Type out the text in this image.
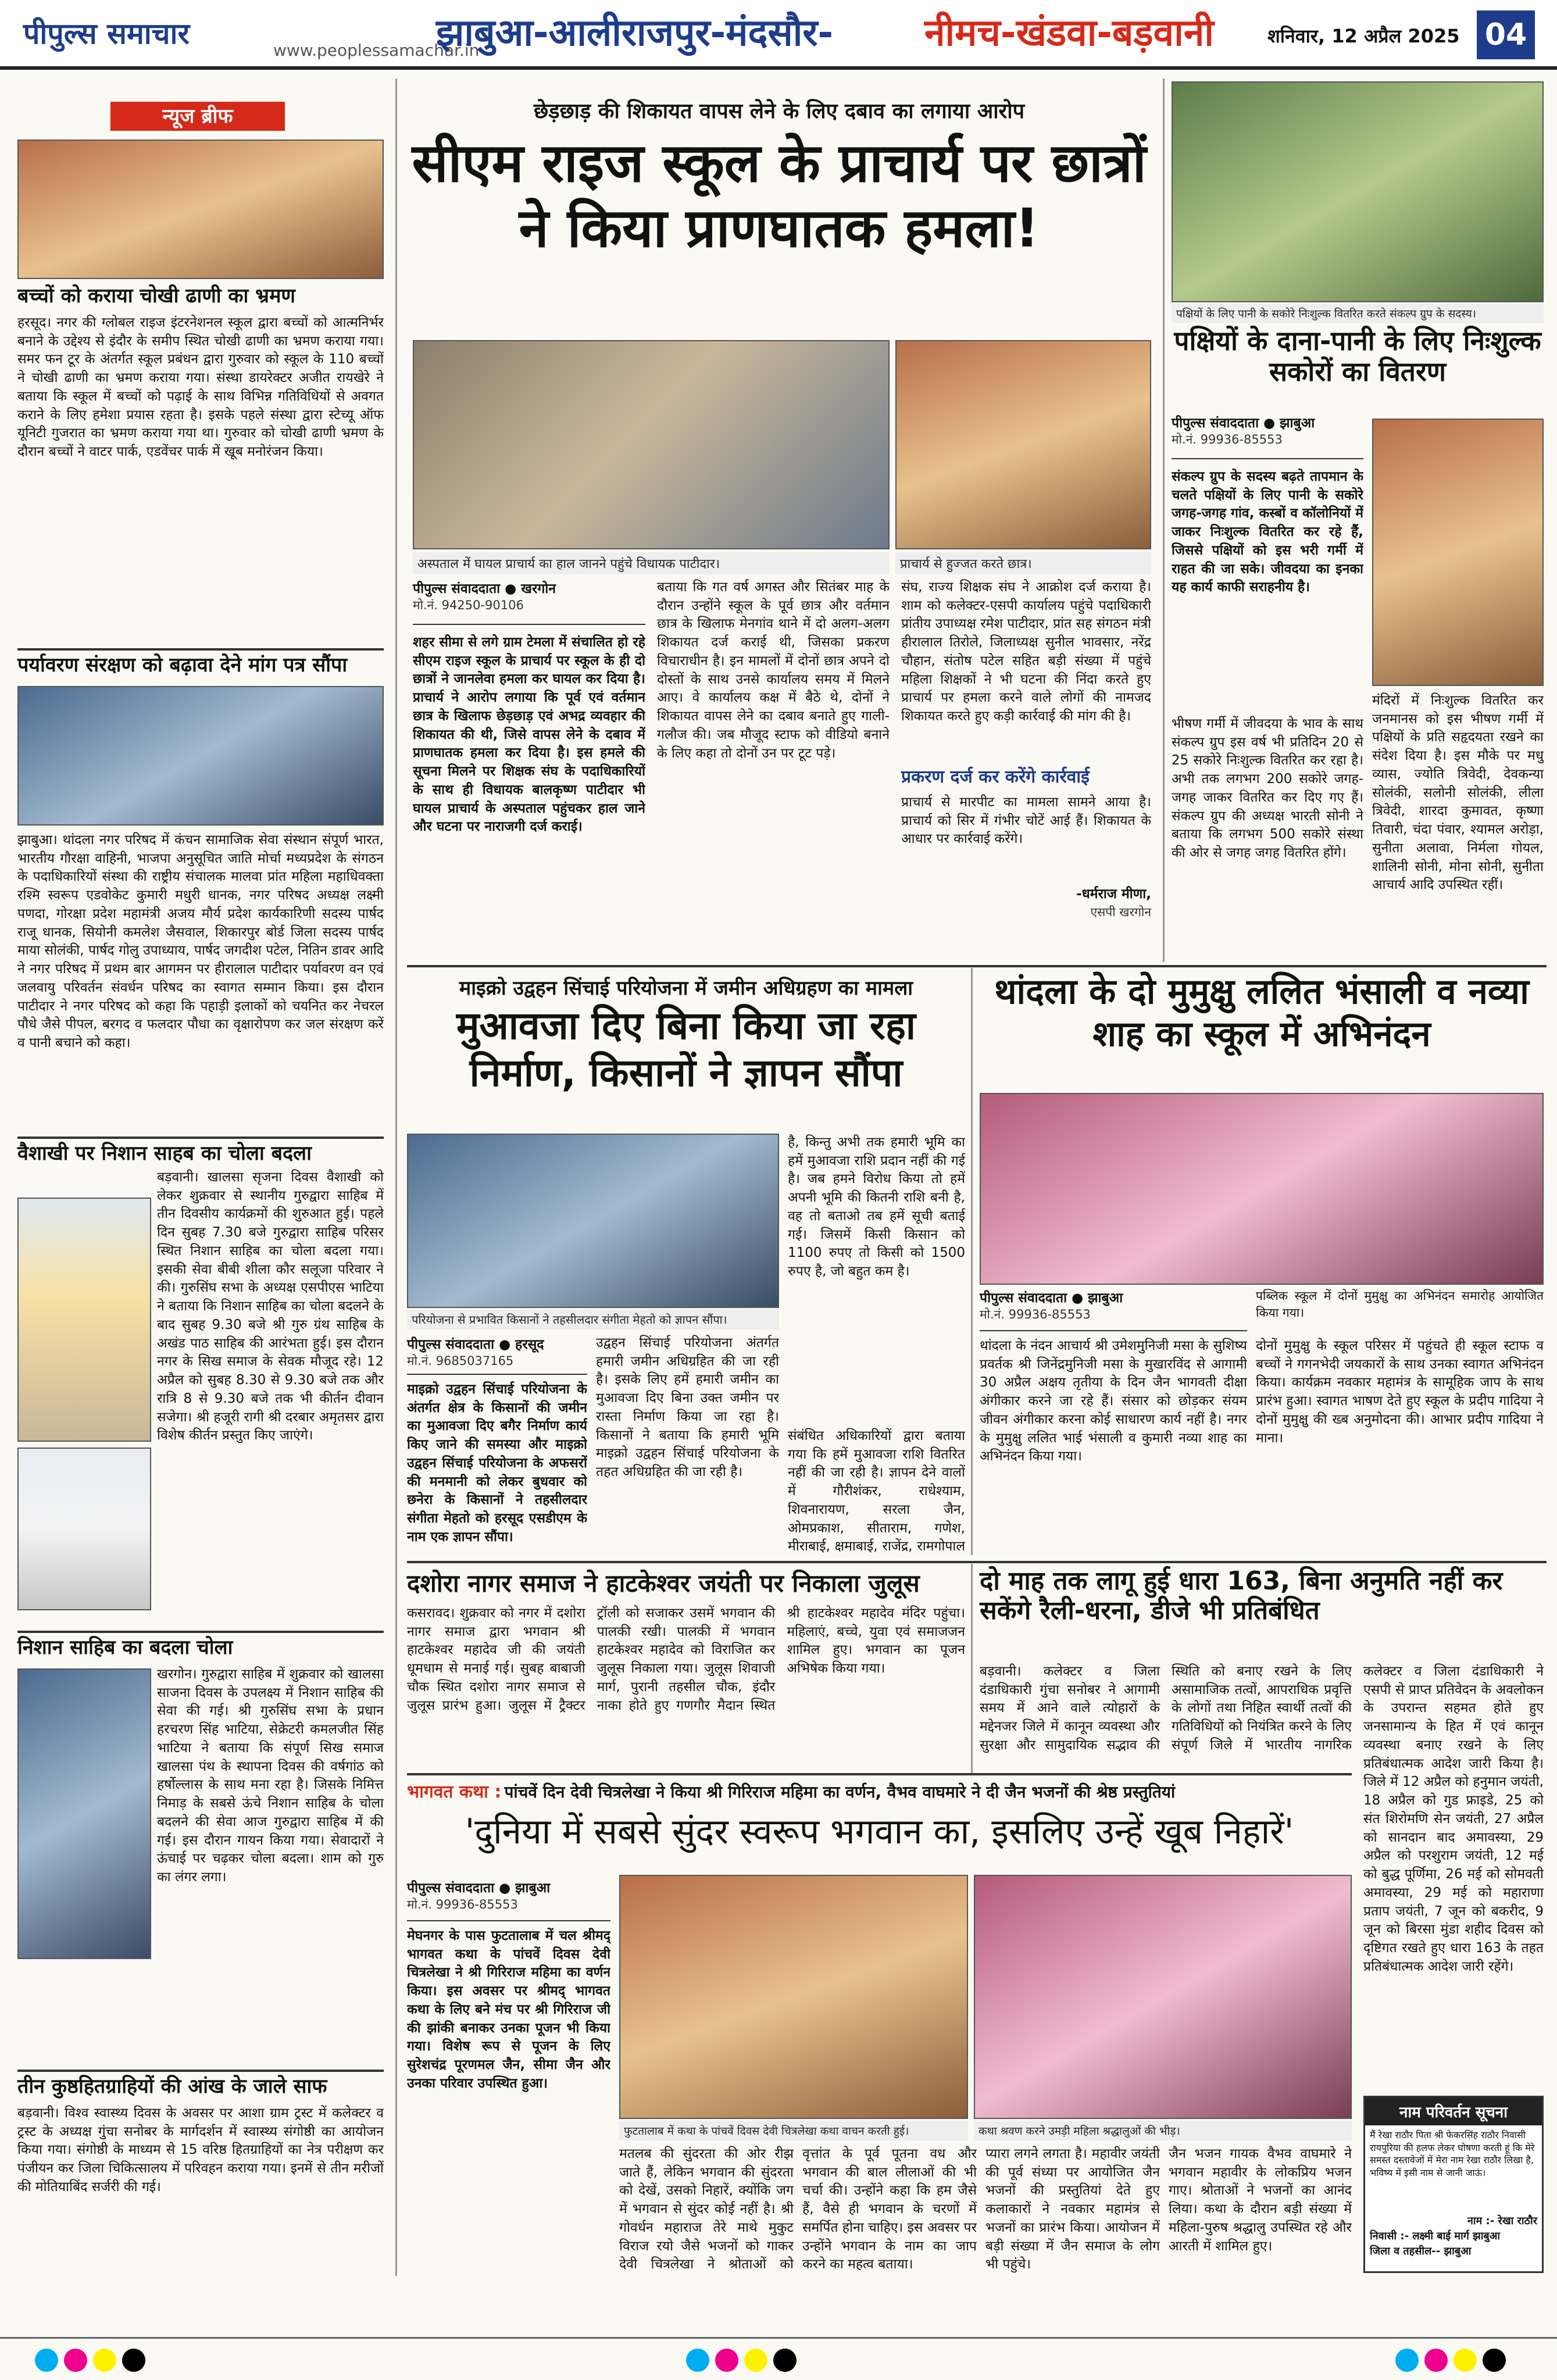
पीपुल्स समाचार	www.peoplessamachar.in
झाबुआ-आलीराजपुर-मंदसौर- नीमच-खंडवा-बड़वानी	शनिवार, 12 अप्रैल 2025 04
न्यूज ब्रीफ
बच्चों को कराया चोखी ढाणी का भ्रमण
हरसूद। नगर की ग्लोबल राइज इंटरनेशनल स्कूल द्वारा बच्चों को आत्मनिर्भर बनाने के उद्देश्य से इंदौर के समीप स्थित चोखी ढाणी का भ्रमण कराया गया। समर फन टूर के अंतर्गत स्कूल प्रबंधन द्वारा गुरुवार को स्कूल के 110 बच्चों ने चोखी ढाणी का भ्रमण कराया गया। संस्था डायरेक्टर अजीत रायखेरे ने बताया कि स्कूल में बच्चों को पढ़ाई के साथ विभिन्न गतिविधियों से अवगत कराने के लिए हमेशा प्रयास रहता है। इसके पहले संस्था द्वारा स्टेच्यू ऑफ यूनिटी गुजरात का भ्रमण कराया गया था। गुरुवार को चोखी ढाणी भ्रमण के दौरान बच्चों ने वाटर पार्क, एडवेंचर पार्क में खूब मनोरंजन किया।
पर्यावरण संरक्षण को बढ़ावा देने मांग पत्र सौंपा
झाबुआ। थांदला नगर परिषद में कंचन सामाजिक सेवा संस्थान संपूर्ण भारत, भारतीय गौरक्षा वाहिनी, भाजपा अनुसूचित जाति मोर्चा मध्यप्रदेश के संगठन के पदाधिकारियों संस्था की राष्ट्रीय संचालक मालवा प्रांत महिला महाधिवक्ता रश्मि स्वरूप एडवोकेट कुमारी मधुरी धानक, नगर परिषद अध्यक्ष लक्ष्मी पणदा, गोरक्षा प्रदेश महामंत्री अजय मौर्य प्रदेश कार्यकारिणी सदस्य पार्षद राजू धानक, सियोनी कमलेश जैसवाल, शिकारपुर बोर्ड जिला सदस्य पार्षद माया सोलंकी, पार्षद गोलु उपाध्याय, पार्षद जगदीश पटेल, नितिन डावर आदि ने नगर परिषद में प्रथम बार आगमन पर हीरालाल पाटीदार पर्यावरण वन एवं जलवायु परिवर्तन संवर्धन परिषद का स्वागत सम्मान किया। इस दौरान पाटीदार ने नगर परिषद को कहा कि पहाड़ी इलाकों को चयनित कर नेचरल पौधे जैसे पीपल, बरगद व फलदार पौधा का वृक्षारोपण कर जल संरक्षण करें व पानी बचाने को कहा।
वैशाखी पर निशान साहब का चोला बदला
बड़वानी। खालसा सृजना दिवस वैशाखी को लेकर शुक्रवार से स्थानीय गुरुद्वारा साहिब में तीन दिवसीय कार्यक्रमों की शुरुआत हुई। पहले दिन सुबह 7.30 बजे गुरुद्वारा साहिब परिसर स्थित निशान साहिब का चोला बदला गया। इसकी सेवा बीबी शीला कौर सलूजा परिवार ने की। गुरुसिंघ सभा के अध्यक्ष एसपीएस भाटिया ने बताया कि निशान साहिब का चोला बदलने के बाद सुबह 9.30 बजे श्री गुरु ग्रंथ साहिब के अखंड पाठ साहिब की आरंभता हुई। इस दौरान नगर के सिख समाज के सेवक मौजूद रहे। 12 अप्रैल को सुबह 8.30 से 9.30 बजे तक और रात्रि 8 से 9.30 बजे तक भी कीर्तन दीवान सजेगा। श्री हजूरी रागी श्री दरबार अमृतसर द्वारा विशेष कीर्तन प्रस्तुत किए जाएंगे।
निशान साहिब का बदला चोला
खरगोन। गुरुद्वारा साहिब में शुक्रवार को खालसा साजना दिवस के उपलक्ष्य में निशान साहिब की सेवा की गई। श्री गुरुसिंघ सभा के प्रधान हरचरण सिंह भाटिया, सेक्रेटरी कमलजीत सिंह भाटिया ने बताया कि संपूर्ण सिख समाज खालसा पंथ के स्थापना दिवस की वर्षगांठ को हर्षोल्लास के साथ मना रहा है। जिसके निमित्त निमाड़ के सबसे ऊंचे निशान साहिब के चोला बदलने की सेवा आज गुरुद्वारा साहिब में की गई। इस दौरान गायन किया गया। सेवादारों ने ऊंचाई पर चढ़कर चोला बदला। शाम को गुरु का लंगर लगा।
तीन कुष्ठहितग्राहियों की आंख के जाले साफ
बड़वानी। विश्व स्वास्थ्य दिवस के अवसर पर आशा ग्राम ट्रस्ट में कलेक्टर व ट्रस्ट के अध्यक्ष गुंचा सनोबर के मार्गदर्शन में स्वास्थ्य संगोष्ठी का आयोजन किया गया। संगोष्ठी के माध्यम से 15 वरिष्ठ हितग्राहियों का नेत्र परीक्षण कर पंजीयन कर जिला चिकित्सालय में परिवहन कराया गया। इनमें से तीन मरीजों की मोतियाबिंद सर्जरी की गई।
छेड़छाड़ की शिकायत वापस लेने के लिए दबाव का लगाया आरोप
सीएम राइज स्कूल के प्राचार्य पर छात्रों ने किया प्राणघातक हमला!
अस्पताल में घायल प्राचार्य का हाल जानने पहुंचे विधायक पाटीदार।	प्राचार्य से हुज्जत करते छात्र।
पीपुल्स संवाददाता ● खरगोन
मो.नं. 94250-90106
शहर सीमा से लगे ग्राम टेमला में संचालित हो रहे सीएम राइज स्कूल के प्राचार्य पर स्कूल के ही दो छात्रों ने जानलेवा हमला कर घायल कर दिया है। प्राचार्य ने आरोप लगाया कि पूर्व एवं वर्तमान छात्र के खिलाफ छेड़छाड़ एवं अभद्र व्यवहार की शिकायत की थी, जिसे वापस लेने के दबाव में प्राणघातक हमला कर दिया है। इस हमले की सूचना मिलने पर शिक्षक संघ के पदाधिकारियों के साथ ही विधायक बालकृष्ण पाटीदार भी घायल प्राचार्य के अस्पताल पहुंचकर हाल जाने और घटना पर नाराजगी दर्ज कराई।
बताया कि गत वर्ष अगस्त और सितंबर माह के दौरान उन्होंने स्कूल के पूर्व छात्र और वर्तमान छात्र के खिलाफ मेनगांव थाने में दो अलग-अलग शिकायत दर्ज कराई थी, जिसका प्रकरण विचाराधीन है। इन मामलों में दोनों छात्र अपने दो दोस्तों के साथ उनसे कार्यालय समय में मिलने आए। वे कार्यालय कक्ष में बैठे थे, दोनों ने शिकायत वापस लेने का दबाव बनाते हुए गाली-गलौज की। जब मौजूद स्टाफ को वीडियो बनाने के लिए कहा तो दोनों उन पर टूट पड़े।
संघ, राज्य शिक्षक संघ ने आक्रोश दर्ज कराया है। शाम को कलेक्टर-एसपी कार्यालय पहुंचे पदाधिकारी प्रांतीय उपाध्यक्ष रमेश पाटीदार, प्रांत सह संगठन मंत्री हीरालाल तिरोले, जिलाध्यक्ष सुनील भावसार, नरेंद्र चौहान, संतोष पटेल सहित बड़ी संख्या में पहुंचे महिला शिक्षकों ने भी घटना की निंदा करते हुए प्राचार्य पर हमला करने वाले लोगों की नामजद शिकायत करते हुए कड़ी कार्रवाई की मांग की है।
प्रकरण दर्ज कर करेंगे कार्रवाई
प्राचार्य से मारपीट का मामला सामने आया है। प्राचार्य को सिर में गंभीर चोटें आई हैं। शिकायत के आधार पर कार्रवाई करेंगे।
-धर्मराज मीणा,
एसपी खरगोन
पक्षियों के लिए पानी के सकोरे निःशुल्क वितरित करते संकल्प ग्रुप के सदस्य।
पक्षियों के दाना-पानी के लिए निःशुल्क सकोरों का वितरण
पीपुल्स संवाददाता ● झाबुआ
मो.नं. 99936-85553
संकल्प ग्रुप के सदस्य बढ़ते तापमान के चलते पक्षियों के लिए पानी के सकोरे जगह-जगह गांव, कस्बों व कॉलोनियों में जाकर निःशुल्क वितरित कर रहे हैं, जिससे पक्षियों को इस भरी गर्मी में राहत की जा सके। जीवदया का इनका यह कार्य काफी सराहनीय है।
भीषण गर्मी में जीवदया के भाव के साथ संकल्प ग्रुप इस वर्ष भी प्रतिदिन 20 से 25 सकोरे निःशुल्क वितरित कर रहा है। अभी तक लगभग 200 सकोरे जगह-जगह जाकर वितरित कर दिए गए हैं। संकल्प ग्रुप की अध्यक्ष भारती सोनी ने बताया कि लगभग 500 सकोरे संस्था की ओर से जगह जगह वितरित होंगे।
मंदिरों में निःशुल्क वितरित कर जनमानस को इस भीषण गर्मी में पक्षियों के प्रति सहृदयता रखने का संदेश दिया है। इस मौके पर मधु व्यास, ज्योति त्रिवेदी, देवकन्या सोलंकी, सलोनी सोलंकी, लीला त्रिवेदी, शारदा कुमावत, कृष्णा तिवारी, चंदा पंवार, श्यामल अरोड़ा, सुनीता अलावा, निर्मला गोयल, शालिनी सोनी, मोना सोनी, सुनीता आचार्य आदि उपस्थित रहीं।
माइक्रो उद्वहन सिंचाई परियोजना में जमीन अधिग्रहण का मामला
मुआवजा दिए बिना किया जा रहा निर्माण, किसानों ने ज्ञापन सौंपा
परियोजना से प्रभावित किसानों ने तहसीलदार संगीता मेहतो को ज्ञापन सौंपा।
पीपुल्स संवाददाता ● हरसूद
मो.नं. 9685037165
माइक्रो उद्वहन सिंचाई परियोजना के अंतर्गत क्षेत्र के किसानों की जमीन का मुआवजा दिए बगैर निर्माण कार्य किए जाने की समस्या और माइक्रो उद्वहन सिंचाई परियोजना के अफसरों की मनमानी को लेकर बुधवार को छनेरा के किसानों ने तहसीलदार संगीता मेहतो को हरसूद एसडीएम के नाम एक ज्ञापन सौंपा।
उद्वहन सिंचाई परियोजना अंतर्गत हमारी जमीन अधिग्रहित की जा रही है। इसके लिए हमें हमारी जमीन का मुआवजा दिए बिना उक्त जमीन पर रास्ता निर्माण किया जा रहा है। किसानों ने बताया कि हमारी भूमि माइक्रो उद्वहन सिंचाई परियोजना के तहत अधिग्रहित की जा रही है।
है, किन्तु अभी तक हमारी भूमि का हमें मुआवजा राशि प्रदान नहीं की गई है। जब हमने विरोध किया तो हमें अपनी भूमि की कितनी राशि बनी है, वह तो बताओ तब हमें सूची बताई गई। जिसमें किसी किसान को 1100 रुपए तो किसी को 1500 रुपए है, जो बहुत कम है।
संबंधित अधिकारियों द्वारा बताया गया कि हमें मुआवजा राशि वितरित नहीं की जा रही है। ज्ञापन देने वालों में गौरीशंकर, राधेश्याम, शिवनारायण, सरला जैन, ओमप्रकाश, सीताराम, गणेश, मीराबाई, क्षमाबाई, राजेंद्र, रामगोपाल
थांदला के दो मुमुक्षु ललित भंसाली व नव्या शाह का स्कूल में अभिनंदन
पीपुल्स संवाददाता ● झाबुआ
मो.नं. 99936-85553
पब्लिक स्कूल में दोनों मुमुक्षु का अभिनंदन समारोह आयोजित किया गया।
थांदला के नंदन आचार्य श्री उमेशमुनिजी मसा के सुशिष्य प्रवर्तक श्री जिनेंद्रमुनिजी मसा के मुखारविंद से आगामी 30 अप्रैल अक्षय तृतीया के दिन जैन भागवती दीक्षा अंगीकार करने जा रहे हैं। संसार को छोड़कर संयम जीवन अंगीकार करना कोई साधारण कार्य नहीं है। नगर के मुमुक्षु ललित भाई भंसाली व कुमारी नव्या शाह का अभिनंदन किया गया।
दोनों मुमुक्षु के स्कूल परिसर में पहुंचते ही स्कूल स्टाफ व बच्चों ने गगनभेदी जयकारों के साथ उनका स्वागत अभिनंदन किया। कार्यक्रम नवकार महामंत्र के सामूहिक जाप के साथ प्रारंभ हुआ। स्वागत भाषण देते हुए स्कूल के प्रदीप गादिया ने दोनों मुमुक्षु की ख्ब अनुमोदना की। आभार प्रदीप गादिया ने माना।
दशोरा नागर समाज ने हाटकेश्वर जयंती पर निकाला जुलूस
कसरावद। शुक्रवार को नगर में दशोरा नागर समाज द्वारा भगवान श्री हाटकेश्वर महादेव जी की जयंती धूमधाम से मनाई गई। सुबह बाबाजी चौक स्थित दशोरा नागर समाज से जुलूस प्रारंभ हुआ। जुलूस में ट्रैक्टर ट्रॉली को सजाकर उसमें भगवान की पालकी रखी। पालकी में भगवान हाटकेश्वर महादेव को विराजित कर जुलूस निकाला गया। जुलूस शिवाजी मार्ग, पुरानी तहसील चौक, इंदौर नाका होते हुए गणगौर मैदान स्थित श्री हाटकेश्वर महादेव मंदिर पहुंचा। महिलाएं, बच्चे, युवा एवं समाजजन शामिल हुए। भगवान का पूजन अभिषेक किया गया।
दो माह तक लागू हुई धारा 163, बिना अनुमति नहीं कर सकेंगे रैली-धरना, डीजे भी प्रतिबंधित
बड़वानी। कलेक्टर व जिला दंडाधिकारी गुंचा सनोबर ने आगामी समय में आने वाले त्योहारों के मद्देनजर जिले में कानून व्यवस्था और सुरक्षा और सामुदायिक सद्भाव की स्थिति को बनाए रखने के लिए असामाजिक तत्वों, आपराधिक प्रवृत्ति के लोगों तथा निहित स्वार्थी तत्वों की गतिविधियों को नियंत्रित करने के लिए संपूर्ण जिले में भारतीय नागरिक
कलेक्टर व जिला दंडाधिकारी ने एसपी से प्राप्त प्रतिवेदन के अवलोकन के उपरान्त सहमत होते हुए जनसामान्य के हित में एवं कानून व्यवस्था बनाए रखने के लिए प्रतिबंधात्मक आदेश जारी किया है। जिले में 12 अप्रैल को हनुमान जयंती, 18 अप्रैल को गुड फ्राइडे, 25 को संत शिरोमणि सेन जयंती, 27 अप्रैल को सानदान बाद अमावस्या, 29 अप्रैल को परशुराम जयंती, 12 मई को बुद्ध पूर्णिमा, 26 मई को सोमवती अमावस्या, 29 मई को महाराणा प्रताप जयंती, 7 जून को बकरीद, 9 जून को बिरसा मुंडा शहीद दिवस को दृष्टिगत रखते हुए धारा 163 के तहत प्रतिबंधात्मक आदेश जारी रहेंगे।
भागवत कथा : पांचवें दिन देवी चित्रलेखा ने किया श्री गिरिराज महिमा का वर्णन, वैभव वाघमारे ने दी जैन भजनों की श्रेष्ठ प्रस्तुतियां
'दुनिया में सबसे सुंदर स्वरूप भगवान का, इसलिए उन्हें खूब निहारें'
पीपुल्स संवाददाता ● झाबुआ
मो.नं. 99936-85553
मेघनगर के पास फुटतालाब में चल श्रीमद् भागवत कथा के पांचवें दिवस देवी चित्रलेखा ने श्री गिरिराज महिमा का वर्णन किया। इस अवसर पर श्रीमद् भागवत कथा के लिए बने मंच पर श्री गिरिराज जी की झांकी बनाकर उनका पूजन भी किया गया। विशेष रूप से पूजन के लिए सुरेशचंद्र पूरणमल जैन, सीमा जैन और उनका परिवार उपस्थित हुआ।
फुटतालाब में कथा के पांचवें दिवस देवी चित्रलेखा कथा वाचन करती हुई।	कथा श्रवण करने उमड़ी महिला श्रद्धालुओं की भीड़।
मतलब की सुंदरता की ओर रीझ जाते हैं, लेकिन भगवान की सुंदरता को देखें, उसको निहारें, क्योंकि जग में भगवान से सुंदर कोई नहीं है। श्री गोवर्धन महाराज तेरे माथे मुकुट विराज रयो जैसे भजनों को गाकर देवी चित्रलेखा ने श्रोताओं को
वृत्तांत के पूर्व पूतना वध और भगवान की बाल लीलाओं की भी चर्चा की। उन्होंने कहा कि हम जैसे हैं, वैसे ही भगवान के चरणों में समर्पित होना चाहिए। इस अवसर पर उन्होंने भगवान के नाम का जाप करने का महत्व बताया।
प्यारा लगने लगता है। महावीर जयंती की पूर्व संध्या पर आयोजित जैन भजनों की प्रस्तुतियां देते हुए कलाकारों ने नवकार महामंत्र से भजनों का प्रारंभ किया। आयोजन में बड़ी संख्या में जैन समाज के लोग भी पहुंचे।
जैन भजन गायक वैभव वाघमारे ने भगवान महावीर के लोकप्रिय भजन गाए। श्रोताओं ने भजनों का आनंद लिया। कथा के दौरान बड़ी संख्या में महिला-पुरुष श्रद्धालु उपस्थित रहे और आरती में शामिल हुए।
नाम परिवर्तन सूचना
मैं रेखा राठौर पिता श्री फेकरसिंह राठौर निवासी रायपुरिया की हलफ लेकर घोषणा करती हूं कि मेरे समस्त दस्तावेजों में मेरा नाम रेखा राठौर लिखा है, भविष्य में इसी नाम से जानी जाऊं।
नाम :- रेखा राठौर
निवासी :- लक्ष्मी बाई मार्ग झाबुआ
जिला व तहसील-- झाबुआ
